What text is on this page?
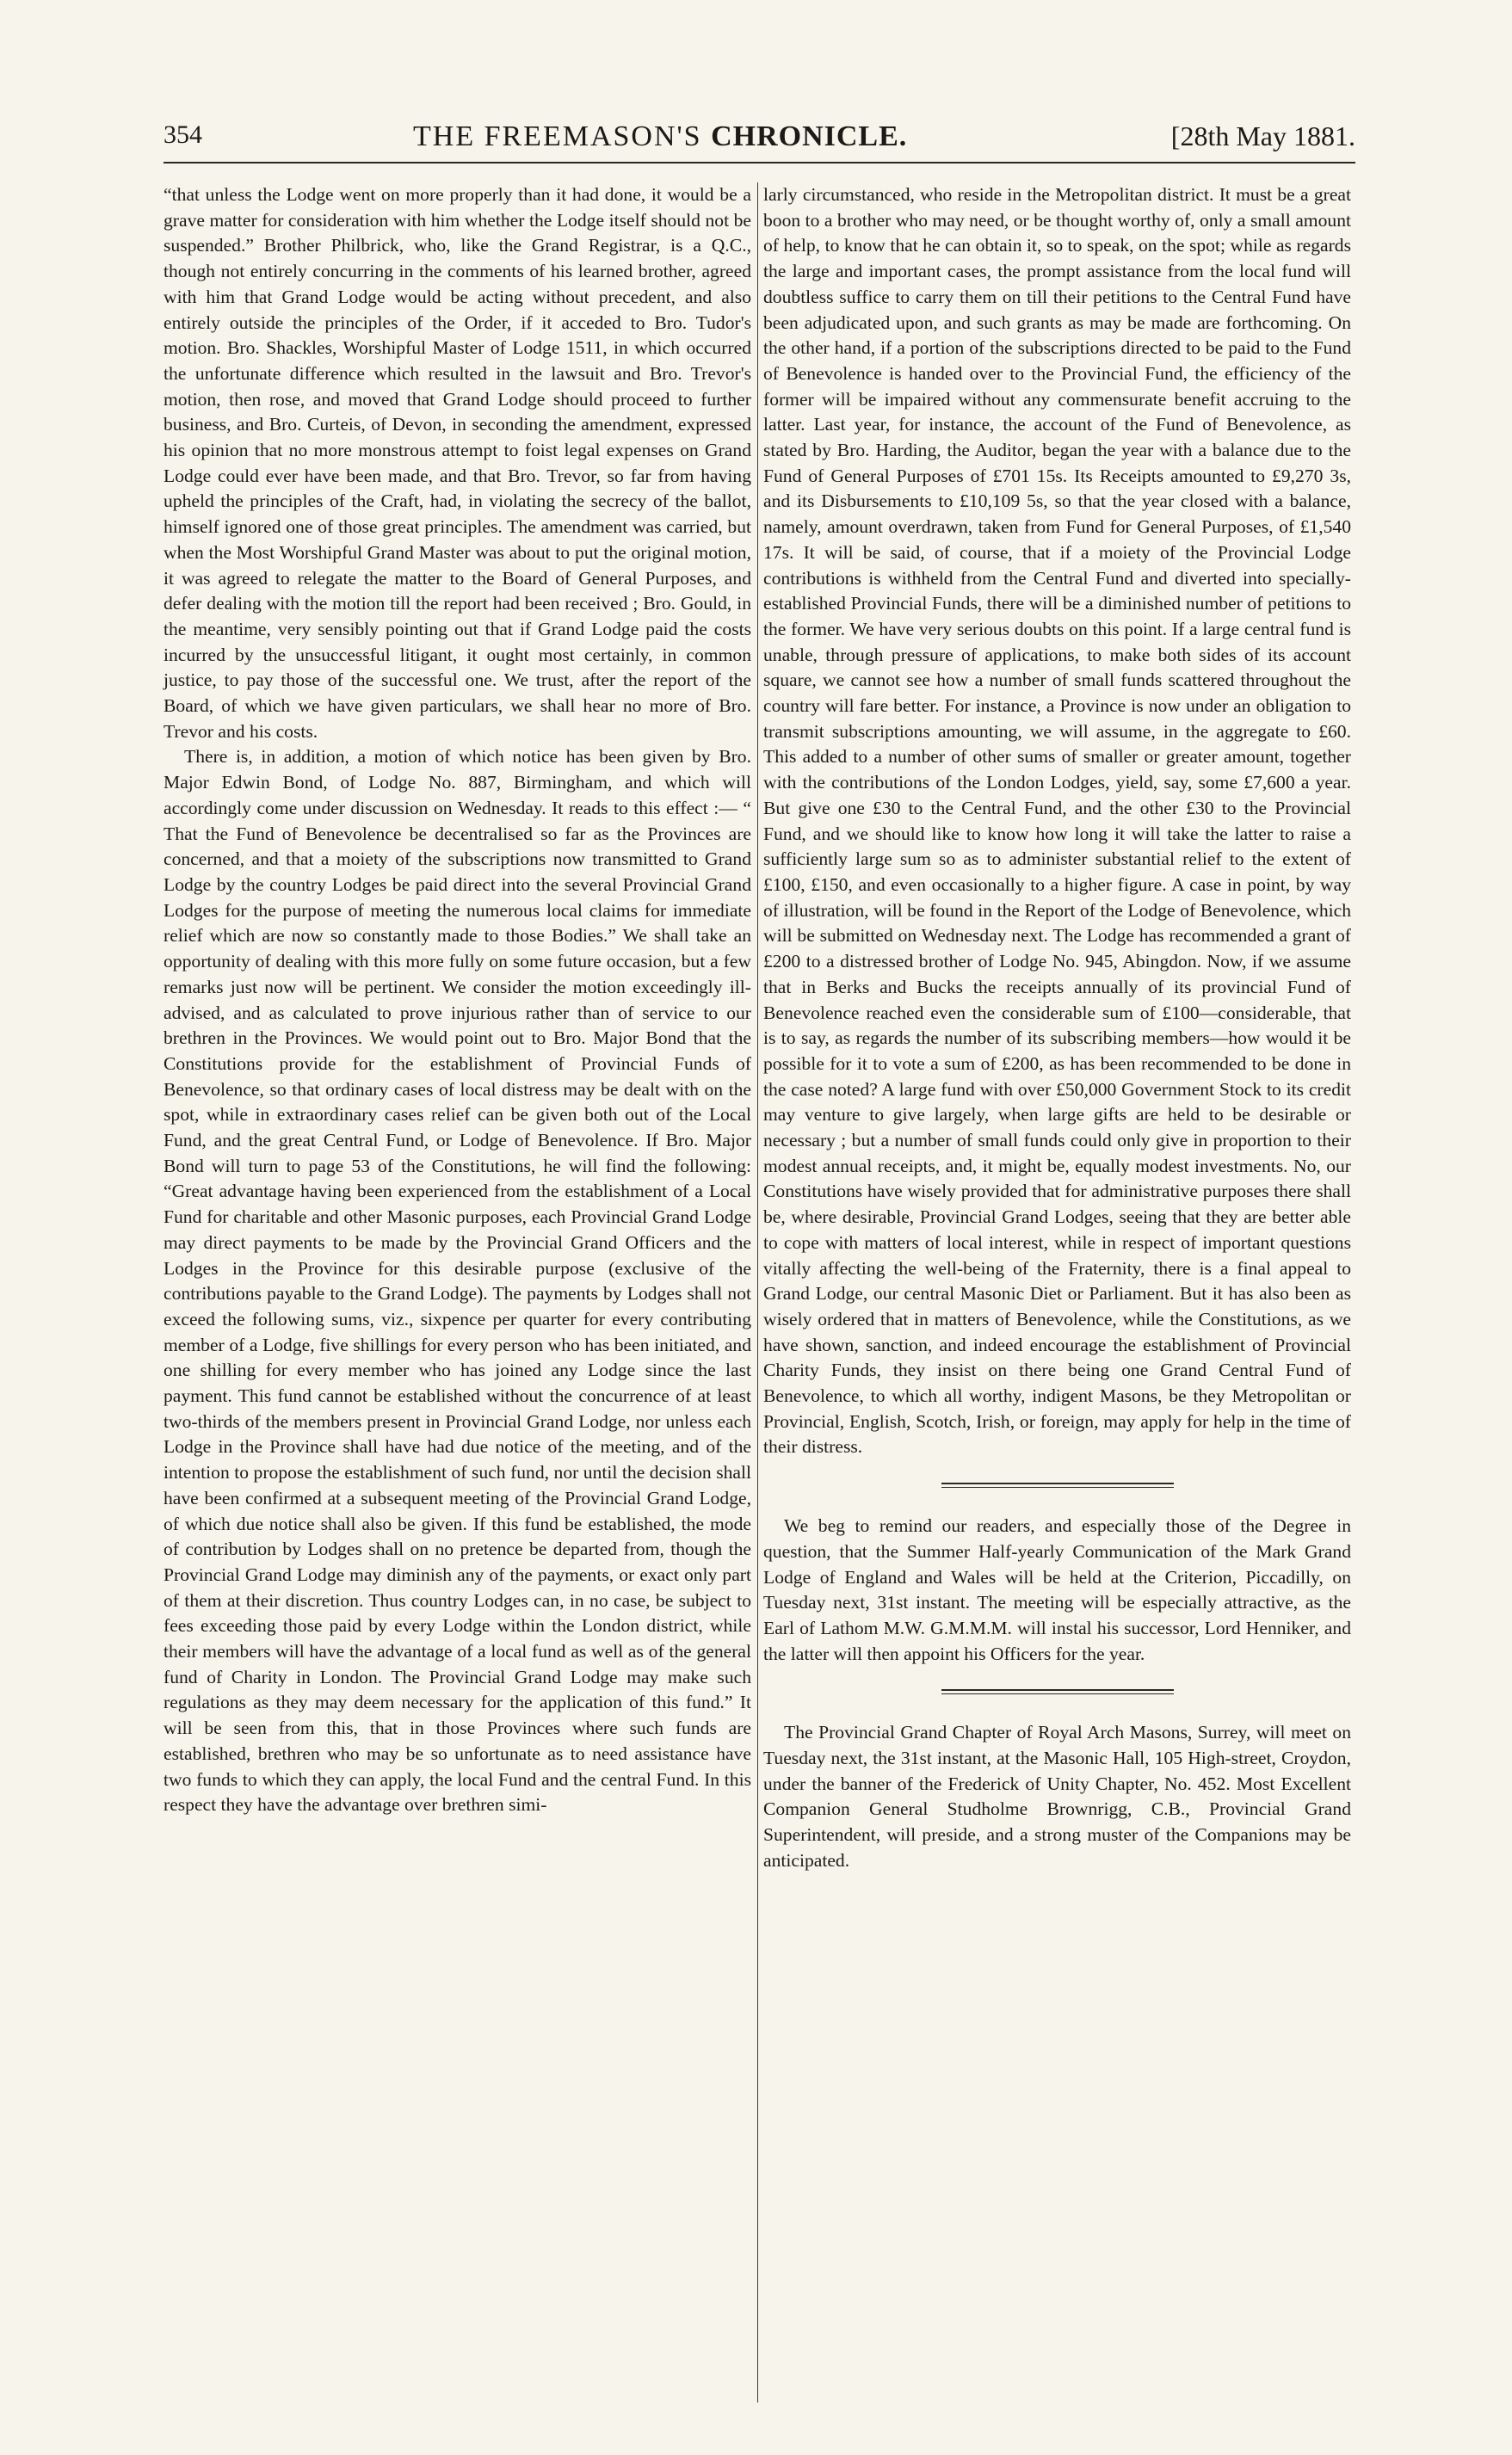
354	THE FREEMASON'S CHRONICLE.	[28th May 1881.

“that unless the Lodge went on more properly than it had done, it would be a grave matter for consideration with him whether the Lodge itself should not be suspended.” Brother Philbrick, who, like the Grand Registrar, is a Q.C., though not entirely concurring in the comments of his learned brother, agreed with him that Grand Lodge would be acting without precedent, and also entirely outside the principles of the Order, if it acceded to Bro. Tudor's motion. Bro. Shackles, Worshipful Master of Lodge 1511, in which occurred the unfortunate difference which resulted in the lawsuit and Bro. Trevor's motion, then rose, and moved that Grand Lodge should proceed to further business, and Bro. Curteis, of Devon, in seconding the amendment, expressed his opinion that no more monstrous attempt to foist legal expenses on Grand Lodge could ever have been made, and that Bro. Trevor, so far from having upheld the principles of the Craft, had, in violating the secrecy of the ballot, himself ignored one of those great principles. The amendment was carried, but when the Most Worshipful Grand Master was about to put the original motion, it was agreed to relegate the matter to the Board of General Purposes, and defer dealing with the motion till the report had been received ; Bro. Gould, in the meantime, very sensibly pointing out that if Grand Lodge paid the costs incurred by the unsuccessful litigant, it ought most certainly, in common justice, to pay those of the successful one. We trust, after the report of the Board, of which we have given particulars, we shall hear no more of Bro. Trevor and his costs.

There is, in addition, a motion of which notice has been given by Bro. Major Edwin Bond, of Lodge No. 887, Birmingham, and which will accordingly come under discussion on Wednesday. It reads to this effect :— “ That the Fund of Benevolence be decentralised so far as the Provinces are concerned, and that a moiety of the subscriptions now transmitted to Grand Lodge by the country Lodges be paid direct into the several Provincial Grand Lodges for the purpose of meeting the numerous local claims for immediate relief which are now so constantly made to those Bodies.” We shall take an opportunity of dealing with this more fully on some future occasion, but a few remarks just now will be pertinent. We consider the motion exceedingly ill-advised, and as calculated to prove injurious rather than of service to our brethren in the Provinces. We would point out to Bro. Major Bond that the Constitutions provide for the establishment of Provincial Funds of Benevolence, so that ordinary cases of local distress may be dealt with on the spot, while in extraordinary cases relief can be given both out of the Local Fund, and the great Central Fund, or Lodge of Benevolence. If Bro. Major Bond will turn to page 53 of the Constitutions, he will find the following: “Great advantage having been experienced from the establishment of a Local Fund for charitable and other Masonic purposes, each Provincial Grand Lodge may direct payments to be made by the Provincial Grand Officers and the Lodges in the Province for this desirable purpose (exclusive of the contributions payable to the Grand Lodge). The payments by Lodges shall not exceed the following sums, viz., sixpence per quarter for every contributing member of a Lodge, five shillings for every person who has been initiated, and one shilling for every member who has joined any Lodge since the last payment. This fund cannot be established without the concurrence of at least two-thirds of the members present in Provincial Grand Lodge, nor unless each Lodge in the Province shall have had due notice of the meeting, and of the intention to propose the establishment of such fund, nor until the decision shall have been confirmed at a subsequent meeting of the Provincial Grand Lodge, of which due notice shall also be given. If this fund be established, the mode of contribution by Lodges shall on no pretence be departed from, though the Provincial Grand Lodge may diminish any of the payments, or exact only part of them at their discretion. Thus country Lodges can, in no case, be subject to fees exceeding those paid by every Lodge within the London district, while their members will have the advantage of a local fund as well as of the general fund of Charity in London. The Provincial Grand Lodge may make such regulations as they may deem necessary for the application of this fund.” It will be seen from this, that in those Provinces where such funds are established, brethren who may be so unfortunate as to need assistance have two funds to which they can apply, the local Fund and the central Fund. In this respect they have the advantage over brethren simi-

larly circumstanced, who reside in the Metropolitan district. It must be a great boon to a brother who may need, or be thought worthy of, only a small amount of help, to know that he can obtain it, so to speak, on the spot; while as regards the large and important cases, the prompt assistance from the local fund will doubtless suffice to carry them on till their petitions to the Central Fund have been adjudicated upon, and such grants as may be made are forthcoming. On the other hand, if a portion of the subscriptions directed to be paid to the Fund of Benevolence is handed over to the Provincial Fund, the efficiency of the former will be impaired without any commensurate benefit accruing to the latter. Last year, for instance, the account of the Fund of Benevolence, as stated by Bro. Harding, the Auditor, began the year with a balance due to the Fund of General Purposes of £701 15s. Its Receipts amounted to £9,270 3s, and its Disbursements to £10,109 5s, so that the year closed with a balance, namely, amount overdrawn, taken from Fund for General Purposes, of £1,540 17s. It will be said, of course, that if a moiety of the Provincial Lodge contributions is withheld from the Central Fund and diverted into specially-established Provincial Funds, there will be a diminished number of petitions to the former. We have very serious doubts on this point. If a large central fund is unable, through pressure of applications, to make both sides of its account square, we cannot see how a number of small funds scattered throughout the country will fare better. For instance, a Province is now under an obligation to transmit subscriptions amounting, we will assume, in the aggregate to £60. This added to a number of other sums of smaller or greater amount, together with the contributions of the London Lodges, yield, say, some £7,600 a year. But give one £30 to the Central Fund, and the other £30 to the Provincial Fund, and we should like to know how long it will take the latter to raise a sufficiently large sum so as to administer substantial relief to the extent of £100, £150, and even occasionally to a higher figure. A case in point, by way of illustration, will be found in the Report of the Lodge of Benevolence, which will be submitted on Wednesday next. The Lodge has recommended a grant of £200 to a distressed brother of Lodge No. 945, Abingdon. Now, if we assume that in Berks and Bucks the receipts annually of its provincial Fund of Benevolence reached even the considerable sum of £100—considerable, that is to say, as regards the number of its subscribing members—how would it be possible for it to vote a sum of £200, as has been recommended to be done in the case noted? A large fund with over £50,000 Government Stock to its credit may venture to give largely, when large gifts are held to be desirable or necessary ; but a number of small funds could only give in proportion to their modest annual receipts, and, it might be, equally modest investments. No, our Constitutions have wisely provided that for administrative purposes there shall be, where desirable, Provincial Grand Lodges, seeing that they are better able to cope with matters of local interest, while in respect of important questions vitally affecting the well-being of the Fraternity, there is a final appeal to Grand Lodge, our central Masonic Diet or Parliament. But it has also been as wisely ordered that in matters of Benevolence, while the Constitutions, as we have shown, sanction, and indeed encourage the establishment of Provincial Charity Funds, they insist on there being one Grand Central Fund of Benevolence, to which all worthy, indigent Masons, be they Metropolitan or Provincial, English, Scotch, Irish, or foreign, may apply for help in the time of their distress.

We beg to remind our readers, and especially those of the Degree in question, that the Summer Half-yearly Communication of the Mark Grand Lodge of England and Wales will be held at the Criterion, Piccadilly, on Tuesday next, 31st instant. The meeting will be especially attractive, as the Earl of Lathom M.W. G.M.M.M. will instal his successor, Lord Henniker, and the latter will then appoint his Officers for the year.

The Provincial Grand Chapter of Royal Arch Masons, Surrey, will meet on Tuesday next, the 31st instant, at the Masonic Hall, 105 High-street, Croydon, under the banner of the Frederick of Unity Chapter, No. 452. Most Excellent Companion General Studholme Brownrigg, C.B., Provincial Grand Superintendent, will preside, and a strong muster of the Companions may be anticipated.
